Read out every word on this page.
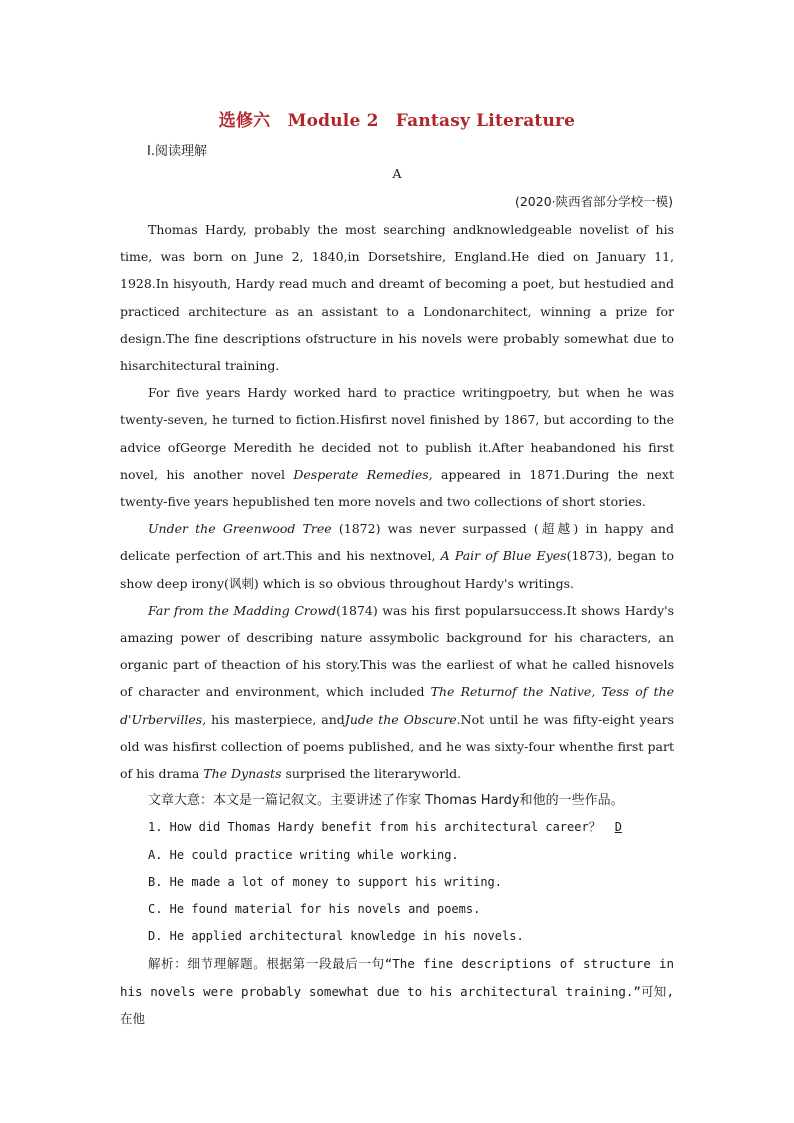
选修六　Module 2　Fantasy Literature
Ⅰ.阅读理解
A
(2020·陕西省部分学校一模)

Thomas Hardy, probably the most searching andknowledgeable novelist of his time, was born on June 2, 1840,in Dorsetshire, England.He died on January 11, 1928.In hisyouth, Hardy read much and dreamt of becoming a poet, but hestudied and practiced architecture as an assistant to a Londonarchitect, winning a prize for design.The fine descriptions ofstructure in his novels were probably somewhat due to hisarchitectural training.

For five years Hardy worked hard to practice writingpoetry, but when he was twenty-seven, he turned to fiction.Hisfirst novel finished by 1867, but according to the advice ofGeorge Meredith he decided not to publish it.After heabandoned his first novel, his another novel Desperate Remedies, appeared in 1871.During the next twenty-five years hepublished ten more novels and two collections of short stories.

Under the Greenwood Tree (1872) was never surpassed (超越) in happy and delicate perfection of art.This and his nextnovel, A Pair of Blue Eyes(1873), began to show deep irony(讽刺) which is so obvious throughout Hardy's writings.

Far from the Madding Crowd(1874) was his first popularsuccess.It shows Hardy's amazing power of describing nature assymbolic background for his characters, an organic part of theaction of his story.This was the earliest of what he called hisnovels of character and environment, which included The Returnof the Native, Tess of the d'Urbervilles, his masterpiece, andJude the Obscure.Not until he was fifty-eight years old was hisfirst collection of poems published, and he was sixty-four whenthe first part of his drama The Dynasts surprised the literaryworld.

文章大意：本文是一篇记叙文。主要讲述了作家 Thomas Hardy和他的一些作品。

1. How did Thomas Hardy benefit from his architectural career？ D

A. He could practice writing while working.

B. He made a lot of money to support his writing.

C. He found material for his novels and poems.

D. He applied architectural knowledge in his novels.

解析：细节理解题。根据第一段最后一句“The fine descriptions of structure in his novels were probably somewhat due to his architectural training.”可知,在他
